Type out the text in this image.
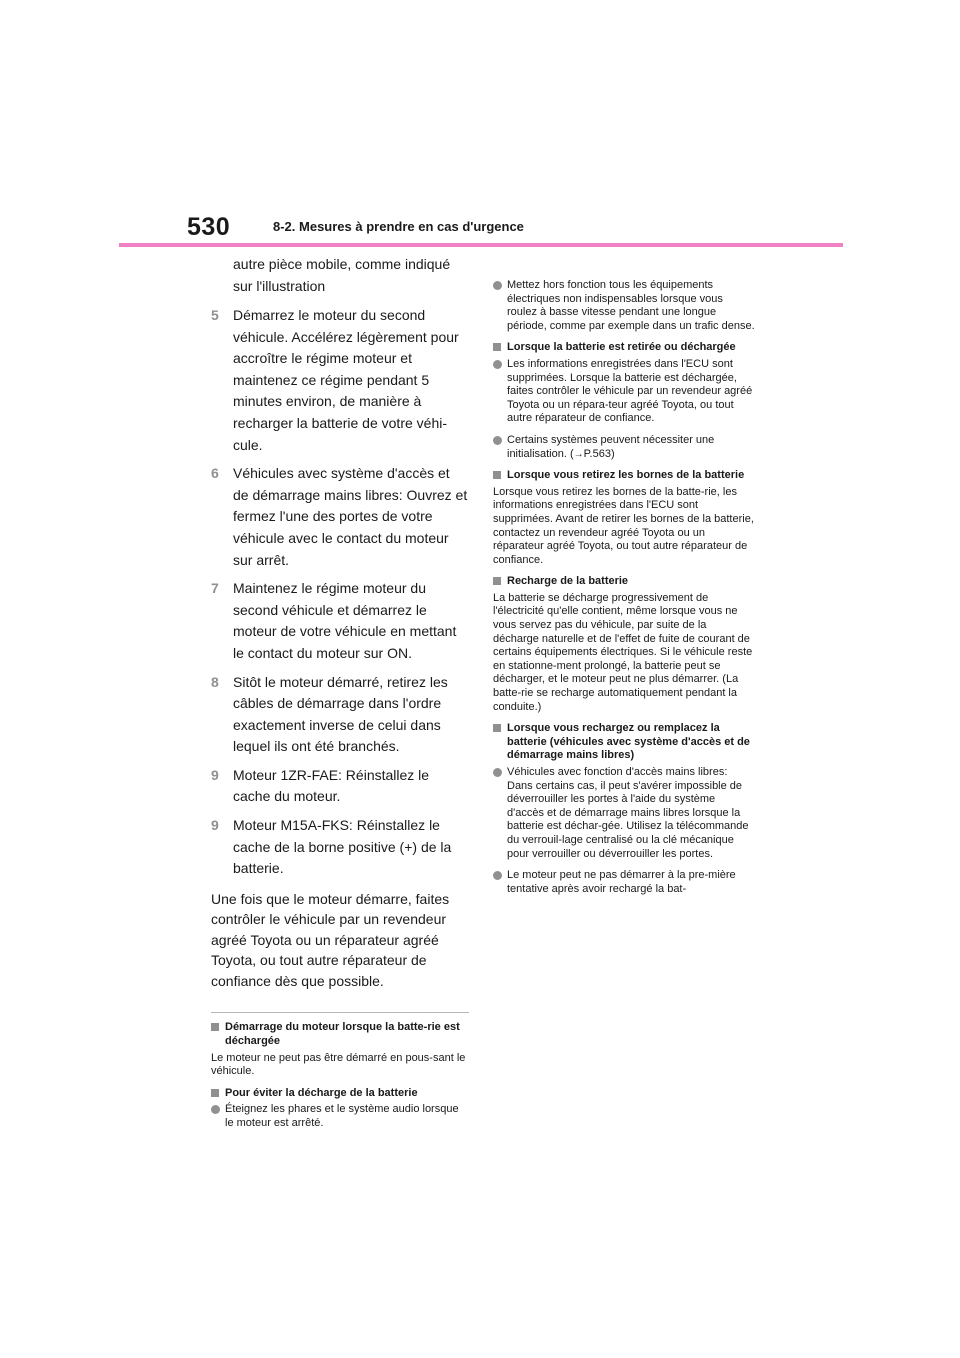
530	8-2. Mesures à prendre en cas d'urgence
autre pièce mobile, comme indiqué sur l'illustration
5	Démarrez le moteur du second véhicule. Accélérez légèrement pour accroître le régime moteur et maintenez ce régime pendant 5 minutes environ, de manière à recharger la batterie de votre véhi-cule.
6	Véhicules avec système d'accès et de démarrage mains libres: Ouvrez et fermez l'une des portes de votre véhicule avec le contact du moteur sur arrêt.
7	Maintenez le régime moteur du second véhicule et démarrez le moteur de votre véhicule en mettant le contact du moteur sur ON.
8	Sitôt le moteur démarré, retirez les câbles de démarrage dans l'ordre exactement inverse de celui dans lequel ils ont été branchés.
9	Moteur 1ZR-FAE: Réinstallez le cache du moteur.
9	Moteur M15A-FKS: Réinstallez le cache de la borne positive (+) de la batterie.
Une fois que le moteur démarre, faites contrôler le véhicule par un revendeur agréé Toyota ou un réparateur agréé Toyota, ou tout autre réparateur de confiance dès que possible.
Démarrage du moteur lorsque la batte-rie est déchargée
Le moteur ne peut pas être démarré en pous-sant le véhicule.
Pour éviter la décharge de la batterie
Éteignez les phares et le système audio lorsque le moteur est arrêté.
Mettez hors fonction tous les équipements électriques non indispensables lorsque vous roulez à basse vitesse pendant une longue période, comme par exemple dans un trafic dense.
Lorsque la batterie est retirée ou déchargée
Les informations enregistrées dans l'ECU sont supprimées. Lorsque la batterie est déchargée, faites contrôler le véhicule par un revendeur agréé Toyota ou un répara-teur agréé Toyota, ou tout autre réparateur de confiance.
Certains systèmes peuvent nécessiter une initialisation. (→P.563)
Lorsque vous retirez les bornes de la batterie
Lorsque vous retirez les bornes de la batte-rie, les informations enregistrées dans l'ECU sont supprimées. Avant de retirer les bornes de la batterie, contactez un revendeur agréé Toyota ou un réparateur agréé Toyota, ou tout autre réparateur de confiance.
Recharge de la batterie
La batterie se décharge progressivement de l'électricité qu'elle contient, même lorsque vous ne vous servez pas du véhicule, par suite de la décharge naturelle et de l'effet de fuite de courant de certains équipements électriques. Si le véhicule reste en stationne-ment prolongé, la batterie peut se décharger, et le moteur peut ne plus démarrer. (La batte-rie se recharge automatiquement pendant la conduite.)
Lorsque vous rechargez ou remplacez la batterie (véhicules avec système d'accès et de démarrage mains libres)
Véhicules avec fonction d'accès mains libres: Dans certains cas, il peut s'avérer impossible de déverrouiller les portes à l'aide du système d'accès et de démarrage mains libres lorsque la batterie est déchar-gée. Utilisez la télécommande du verrouil-lage centralisé ou la clé mécanique pour verrouiller ou déverrouiller les portes.
Le moteur peut ne pas démarrer à la pre-mière tentative après avoir rechargé la bat-
